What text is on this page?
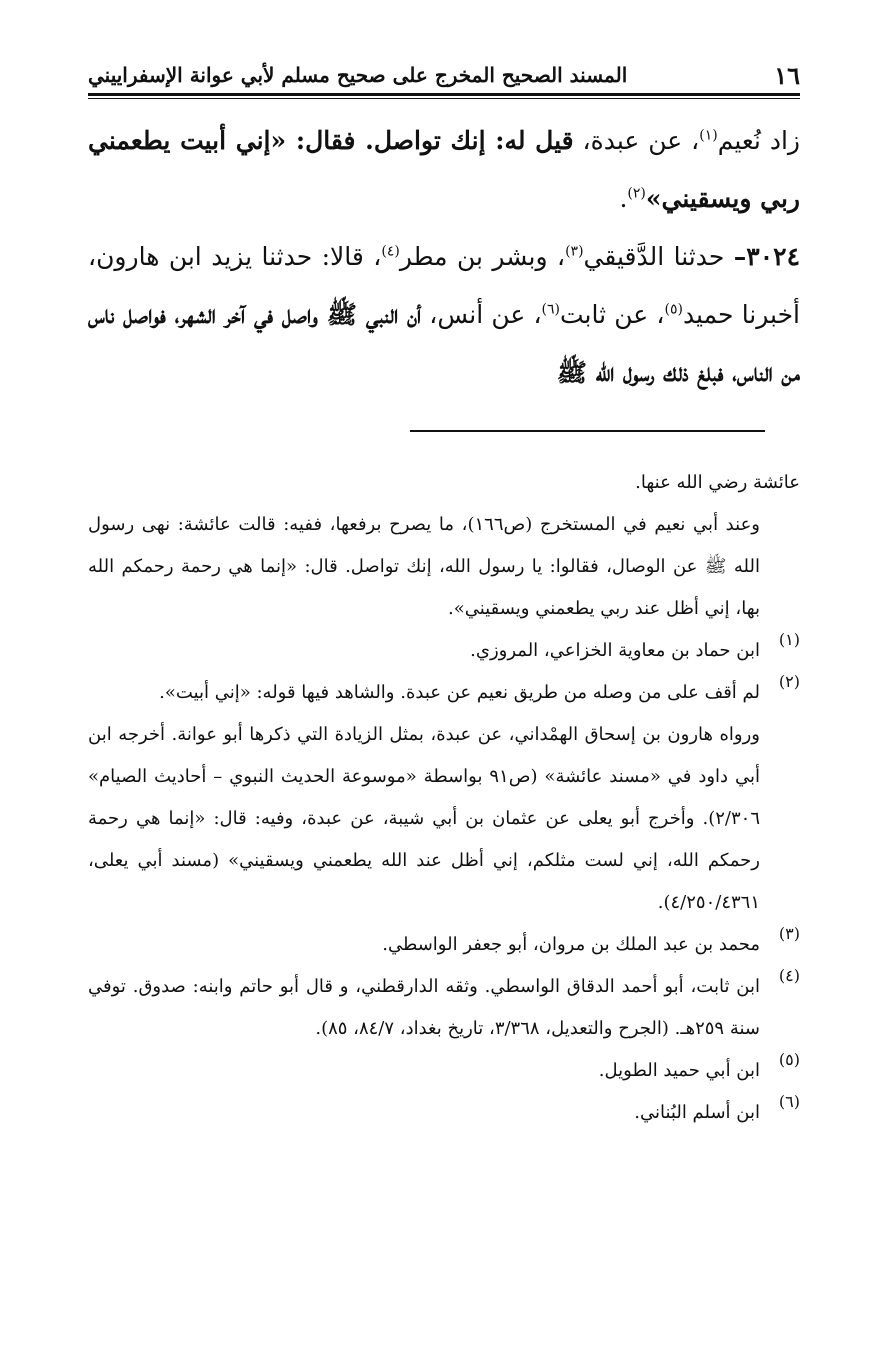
١٦
المسند الصحيح المخرج على صحيح مسلم لأبي عوانة الإسفراييني

زاد نُعيم$^{(١)}$، عن عبدة، قيل له: إنك تواصل. فقال: «إني أبيت يطعمني ربي ويسقيني»$^{(٢)}$.

٣٠٢٤– حدثنا الدَّقيقي$^{(٣)}$، وبشر بن مطر$^{(٤)}$، قالا: حدثنا يزيد ابن هارون، أخبرنا حميد$^{(٥)}$، عن ثابت$^{(٦)}$، عن أنس، أن النبي ﷺ واصل في آخر الشهر، فواصل ناس من الناس، فبلغ ذلك رسول الله ﷺ

عائشة رضي الله عنها.

وعند أبي نعيم في المستخرج (ص١٦٦)، ما يصرح برفعها، ففيه: قالت عائشة: نهى رسول الله ﷺ عن الوصال، فقالوا: يا رسول الله، إنك تواصل. قال: «إنما هي رحمة رحمكم الله بها، إني أظل عند ربي يطعمني ويسقيني».

(١)

ابن حماد بن معاوية الخزاعي، المروزي.

(٢)

لم أقف على من وصله من طريق نعيم عن عبدة. والشاهد فيها قوله: «إني أبيت».

ورواه هارون بن إسحاق الهمْداني، عن عبدة، بمثل الزيادة التي ذكرها أبو عوانة. أخرجه ابن أبي داود في «مسند عائشة» (ص٩١ بواسطة «موسوعة الحديث النبوي – أحاديث الصيام» ٢/٣٠٦). وأخرج أبو يعلى عن عثمان بن أبي شيبة، عن عبدة، وفيه: قال: «إنما هي رحمة رحمكم الله، إني لست مثلكم، إني أظل عند الله يطعمني ويسقيني» (مسند أبي يعلى، ٤/٢٥٠/٤٣٦١).

(٣)

محمد بن عبد الملك بن مروان، أبو جعفر الواسطي.

(٤)

ابن ثابت، أبو أحمد الدقاق الواسطي. وثقه الدارقطني، و قال أبو حاتم وابنه: صدوق. توفي سنة ٢٥٩هـ. (الجرح والتعديل، ٣/٣٦٨، تاريخ بغداد، ٨٤/٧، ٨٥).

(٥)

ابن أبي حميد الطويل.

(٦)

ابن أسلم البُناني.
